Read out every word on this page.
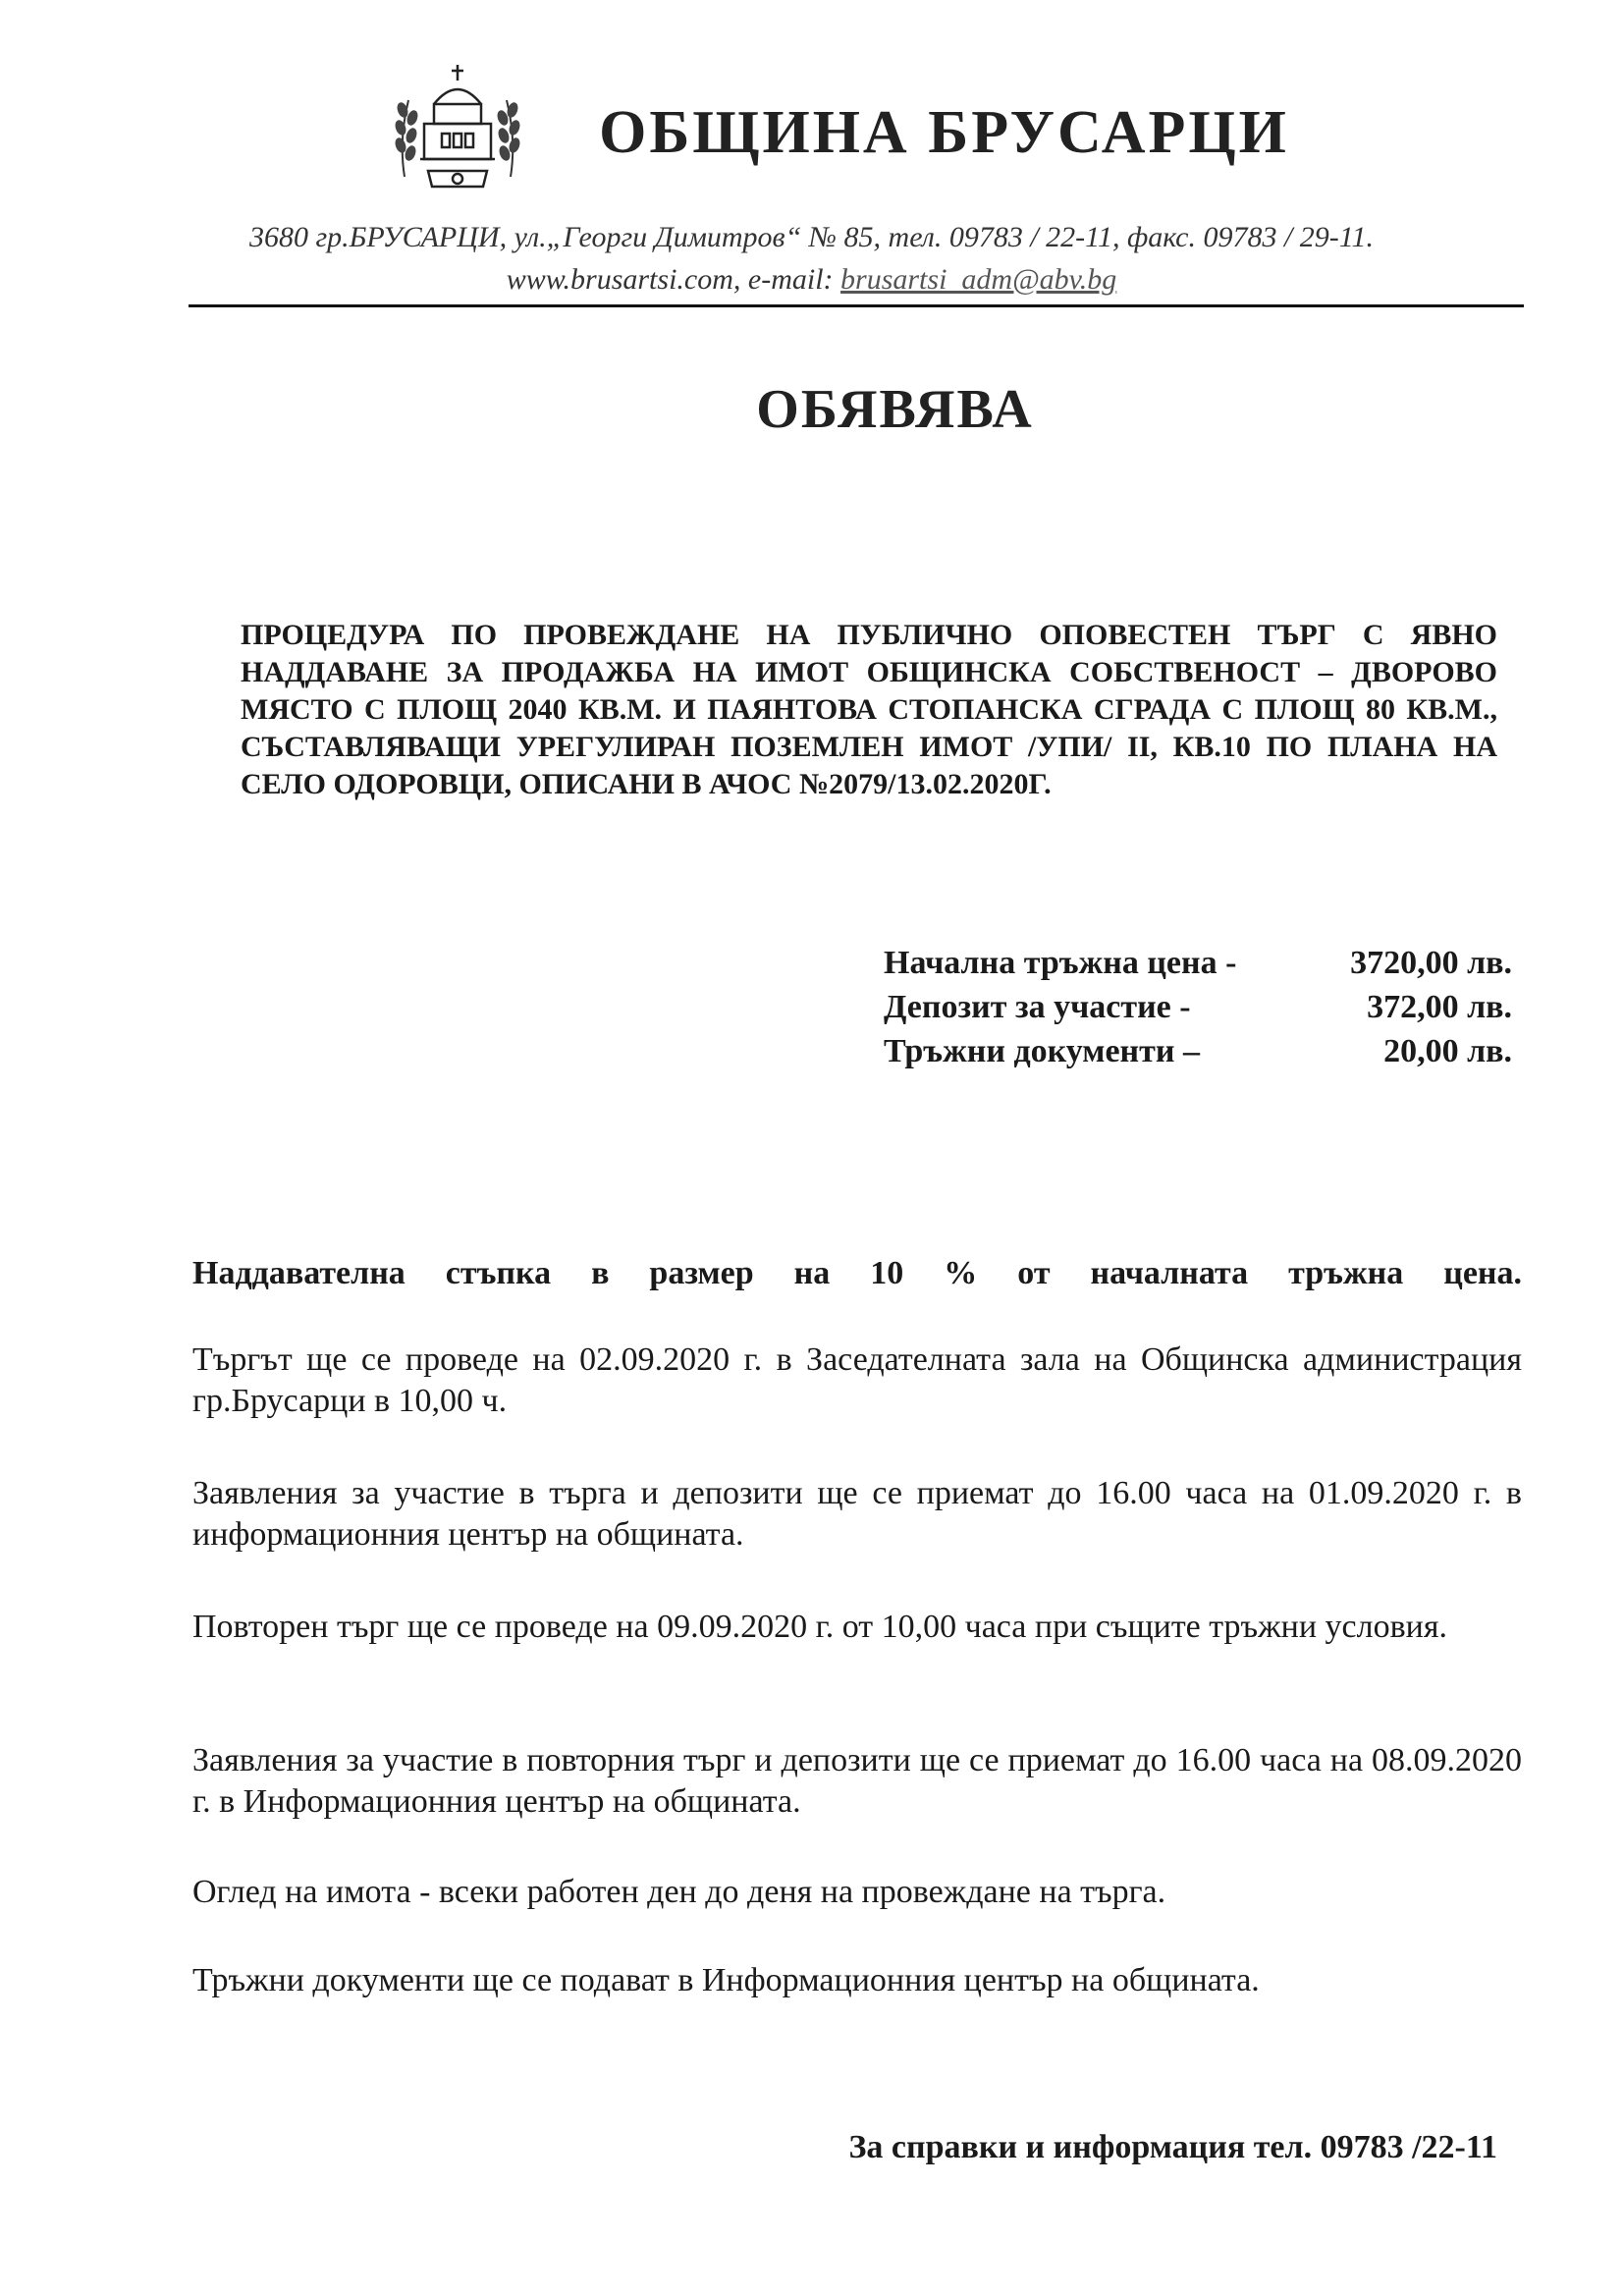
ОБЩИНА БРУСАРЦИ
3680 гр.БРУСАРЦИ, ул.„Георги Димитров“ № 85, тел. 09783 / 22-11, факс. 09783 / 29-11.
www.brusartsi.com, e-mail: brusartsi_adm@abv.bg
ОБЯВЯВА
ПРОЦЕДУРА ПО ПРОВЕЖДАНЕ НА ПУБЛИЧНО ОПОВЕСТЕН ТЪРГ С ЯВНО НАДДАВАНЕ ЗА ПРОДАЖБА НА ИМОТ ОБЩИНСКА СОБСТВЕНОСТ – ДВОРОВО МЯСТО С ПЛОЩ 2040 КВ.М. И ПАЯНТОВА СТОПАНСКА СГРАДА С ПЛОЩ 80 КВ.М., СЪСТАВЛЯВАЩИ УРЕГУЛИРАН ПОЗЕМЛЕН ИМОТ /УПИ/ II, КВ.10 ПО ПЛАНА НА СЕЛО ОДОРОВЦИ, ОПИСАНИ В АЧОС №2079/13.02.2020Г.
Начална тръжна цена -	3720,00 лв.
Депозит за участие -	372,00 лв.
Тръжни документи –	20,00 лв.
Наддавателна стъпка в размер на 10 % от началната тръжна цена.
Търгът ще се проведе на 02.09.2020 г. в Заседателната зала на Общинска администрация гр.Брусарци в 10,00 ч.
Заявления за участие в търга и депозити ще се приемат до 16.00 часа на 01.09.2020 г. в информационния център на общината.
Повторен търг ще се проведе на 09.09.2020 г. от 10,00 часа при същите тръжни условия.
Заявления за участие в повторния търг и депозити ще се приемат до 16.00 часа на 08.09.2020 г. в Информационния център на общината.
Оглед на имота - всеки работен ден до деня на провеждане на търга.
Тръжни документи ще се подават в Информационния център на общината.
За справки и информация тел. 09783 /22-11
